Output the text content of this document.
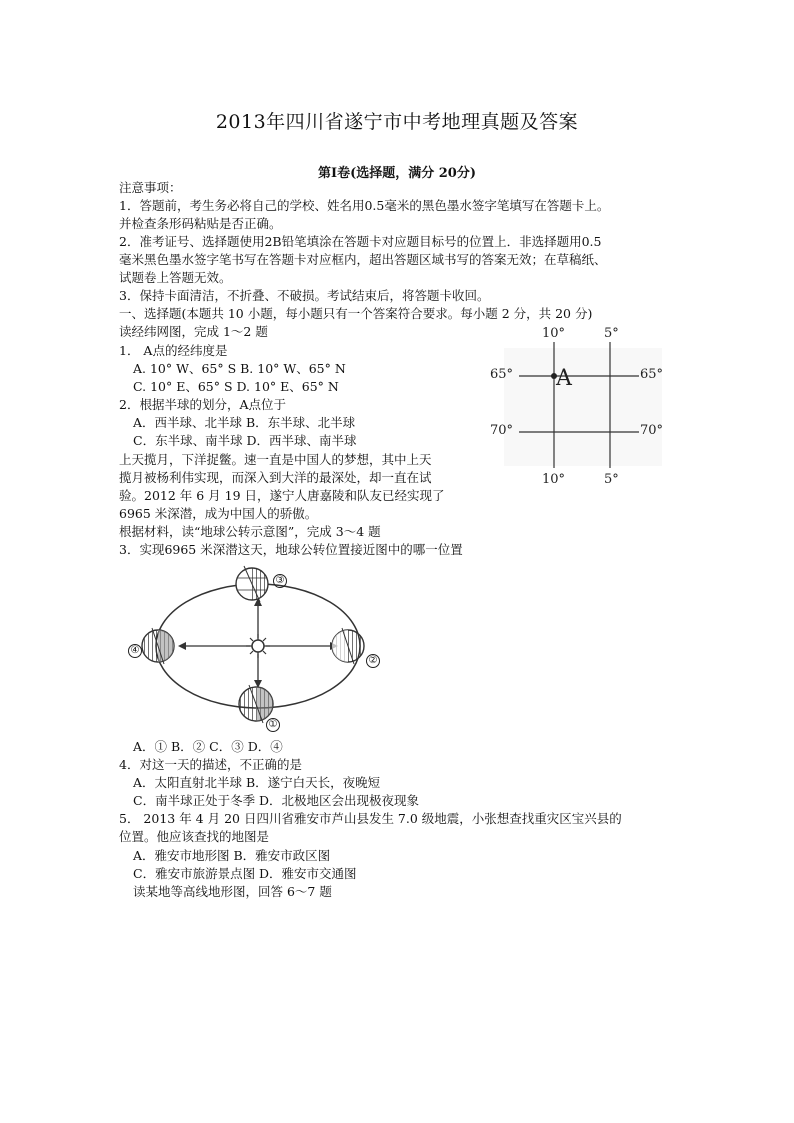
2013年四川省遂宁市中考地理真题及答案
第Ⅰ卷(选择题，满分 20分)
注意事项：
1．答题前，考生务必将自己的学校、姓名用0.5毫米的黑色墨水签字笔填写在答题卡上。
并检查条形码粘贴是否正确。
2．准考证号、选择题使用2B铅笔填涂在答题卡对应题目标号的位置上．非选择题用0.5
毫米黑色墨水签字笔书写在答题卡对应框内，超出答题区域书写的答案无效；在草稿纸、
试题卷上答题无效。
3．保持卡面清洁，不折叠、不破损。考试结束后，将答题卡收回。
一、选择题(本题共 10 小题，每小题只有一个答案符合要求。每小题 2 分，共 20 分)
读经纬网图，完成 1～2 题
1． A点的经纬度是
A. 10° W、65° S B. 10° W、65° N
C. 10° E、65° S D. 10° E、65° N
2．根据半球的划分，A点位于
A．西半球、北半球 B．东半球、北半球
C．东半球、南半球 D．西半球、南半球
上天揽月，下洋捉鳖。速一直是中国人的梦想，其中上天
揽月被杨利伟实现，而深入到大洋的最深处，却一直在试
验。2012 年 6 月 19 日，遂宁人唐嘉陵和队友已经实现了
6965 米深潜，成为中国人的骄傲。
根据材料，读“地球公转示意图”，完成 3～4 题
3．实现6965 米深潜这天，地球公转位置接近图中的哪一位置
10°	5°
10°	5°
65°	65°
70°	70°
A
③
①
④
②
A．① B．② C．③ D．④
4．对这一天的描述，不正确的是
A．太阳直射北半球 B．遂宁白天长，夜晚短
C．南半球正处于冬季 D．北极地区会出现极夜现象
5． 2013 年 4 月 20 日四川省雅安市芦山县发生 7.0 级地震，小张想查找重灾区宝兴县的
位置。他应该查找的地图是
A．雅安市地形图 B．雅安市政区图
C．雅安市旅游景点图 D．雅安市交通图
读某地等高线地形图，回答 6～7 题
